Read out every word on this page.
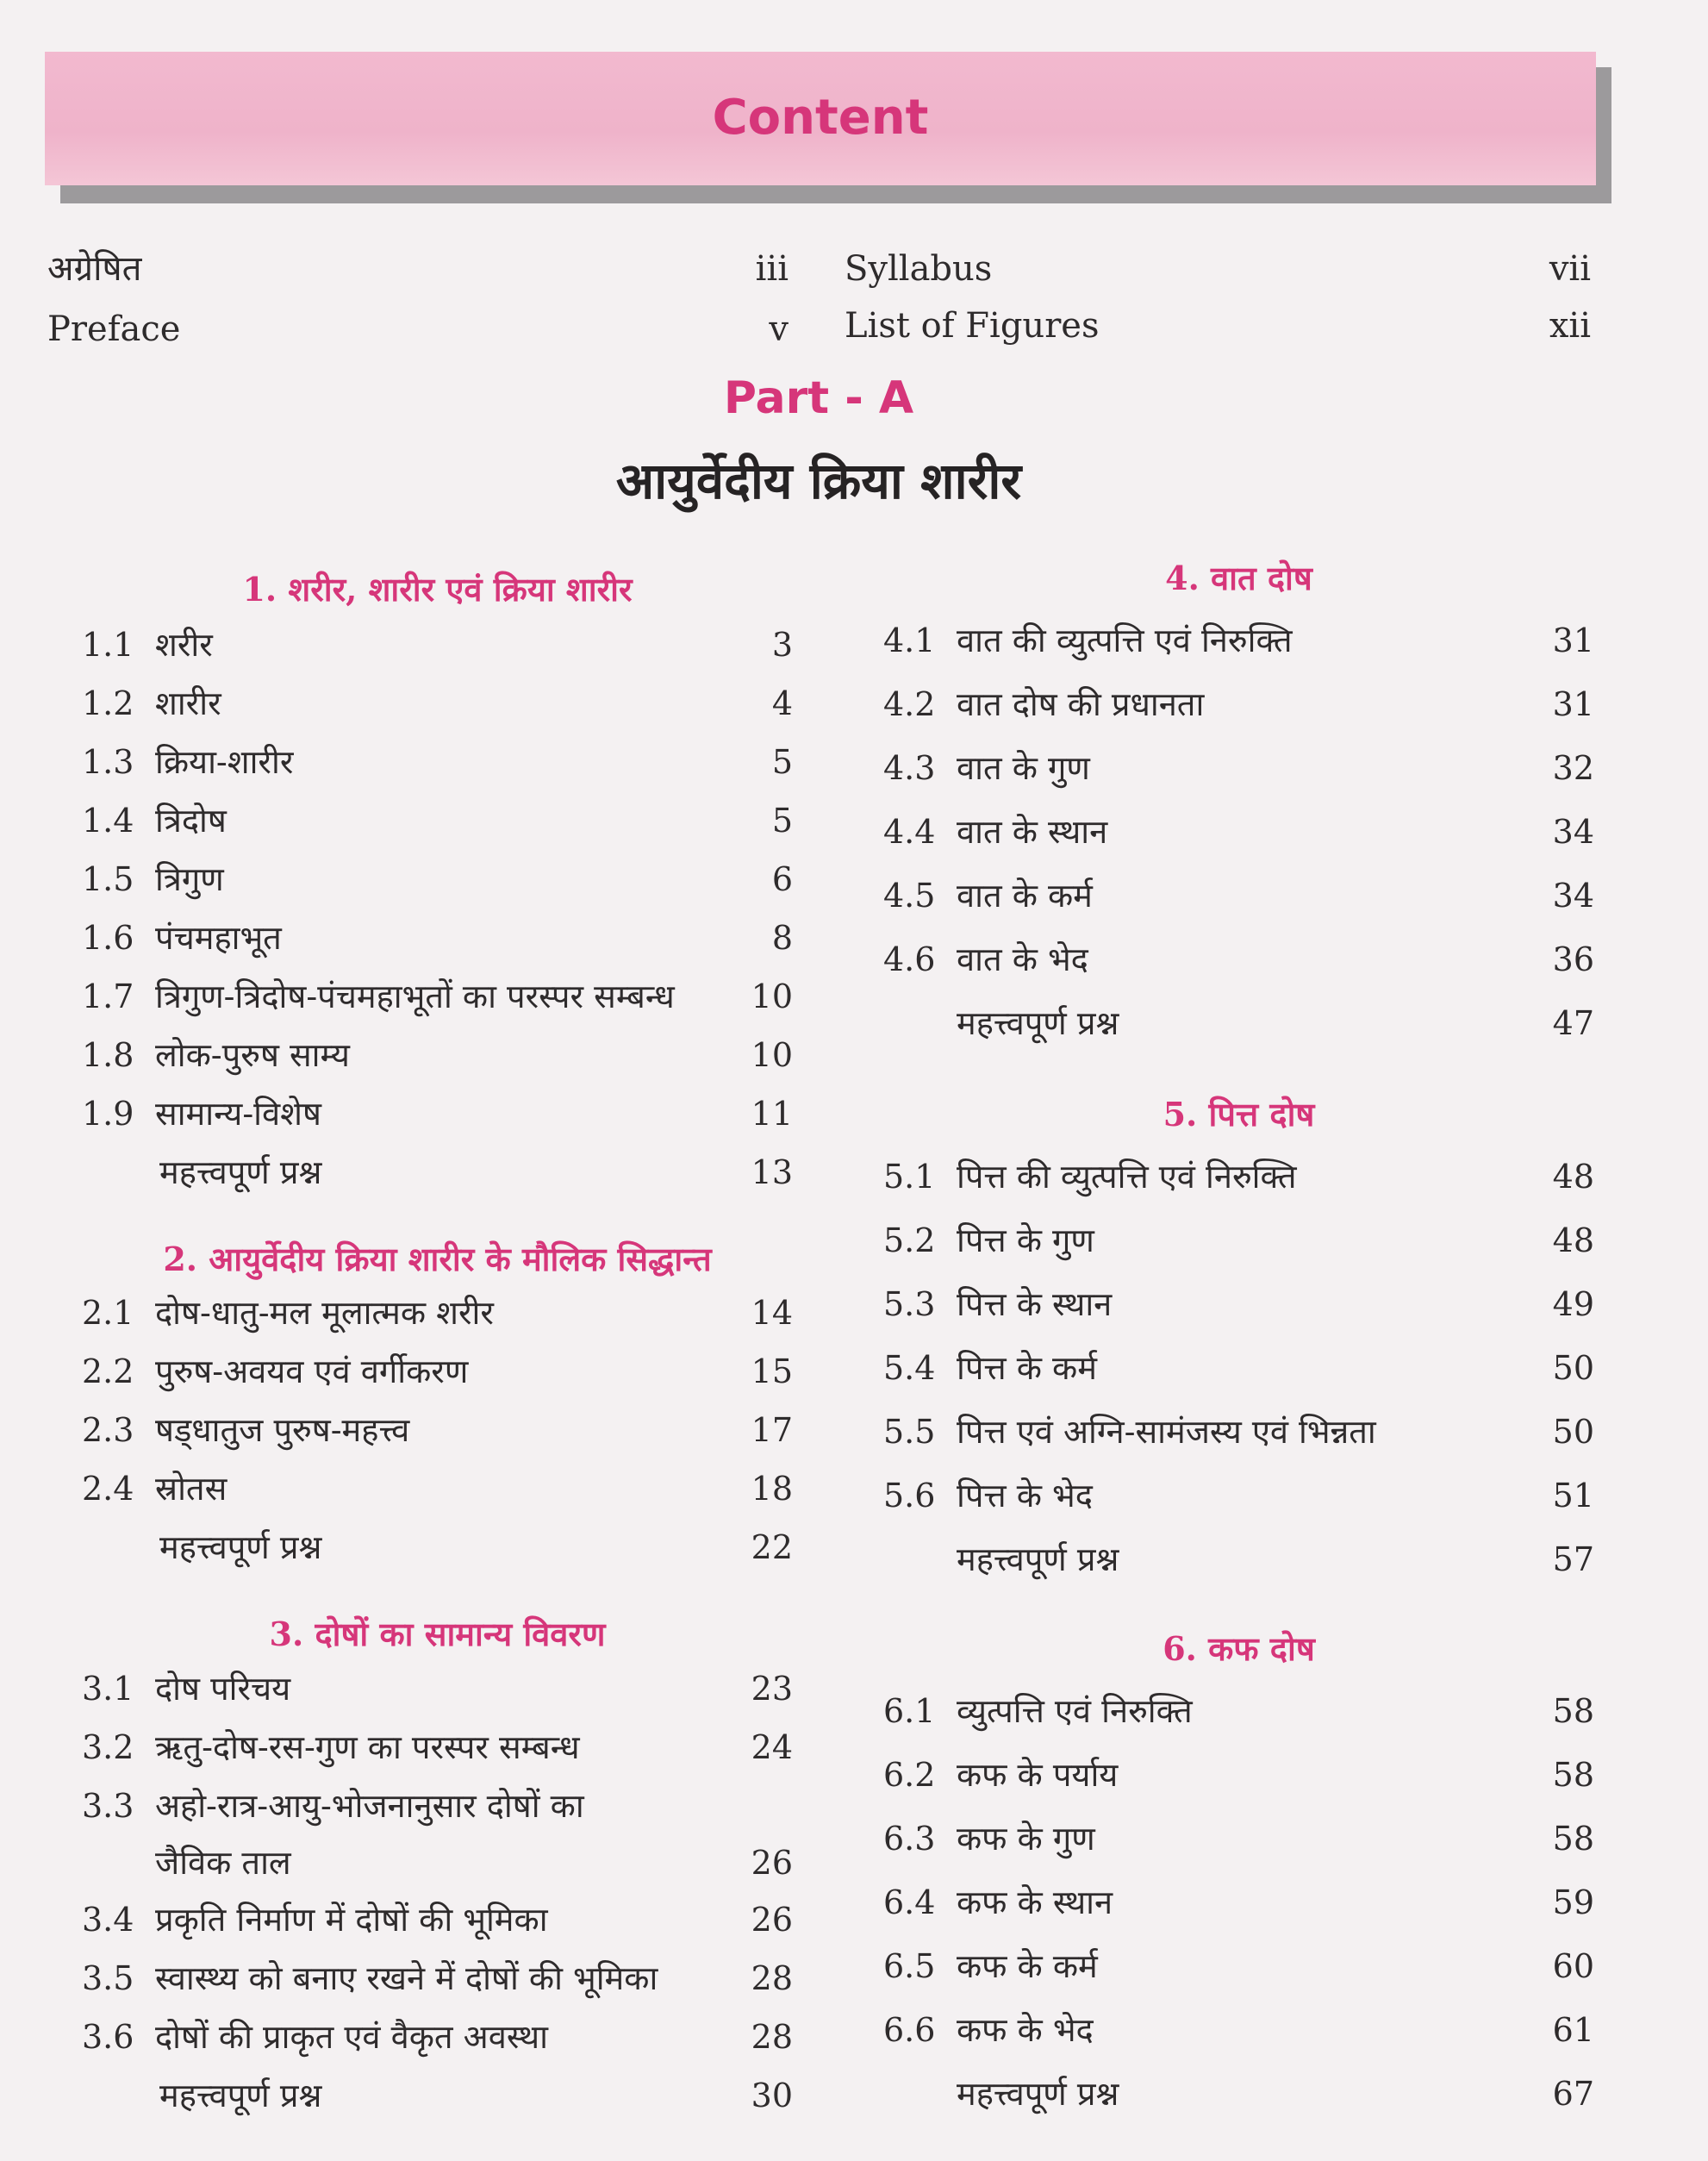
Content
अग्रेषित	iii
Preface	v
Syllabus	vii
List of Figures	xii
Part - A
आयुर्वेदीय क्रिया शारीर
1. शरीर, शारीर एवं क्रिया शारीर
1.1 शरीर	3
1.2 शारीर	4
1.3 क्रिया-शारीर	5
1.4 त्रिदोष	5
1.5 त्रिगुण	6
1.6 पंचमहाभूत	8
1.7 त्रिगुण-त्रिदोष-पंचमहाभूतों का परस्पर सम्बन्ध 10
1.8 लोक-पुरुष साम्य	10
1.9 सामान्य-विशेष	11
महत्त्वपूर्ण प्रश्न	13
2. आयुर्वेदीय क्रिया शारीर के मौलिक सिद्धान्त
2.1 दोष-धातु-मल मूलात्मक शरीर	14
2.2 पुरुष-अवयव एवं वर्गीकरण	15
2.3 षड्धातुज पुरुष-महत्त्व	17
2.4 स्रोतस	18
महत्त्वपूर्ण प्रश्न	22
3. दोषों का सामान्य विवरण
3.1 दोष परिचय	23
3.2 ऋतु-दोष-रस-गुण का परस्पर सम्बन्ध	24
3.3 अहो-रात्र-आयु-भोजनानुसार दोषों का
जैविक ताल	26
3.4 प्रकृति निर्माण में दोषों की भूमिका	26
3.5 स्वास्थ्य को बनाए रखने में दोषों की भूमिका	28
3.6 दोषों की प्राकृत एवं वैकृत अवस्था	28
महत्त्वपूर्ण प्रश्न	30
4. वात दोष
4.1 वात की व्युत्पत्ति एवं निरुक्ति	31
4.2 वात दोष की प्रधानता	31
4.3 वात के गुण	32
4.4 वात के स्थान	34
4.5 वात के कर्म	34
4.6 वात के भेद	36
महत्त्वपूर्ण प्रश्न	47
5. पित्त दोष
5.1 पित्त की व्युत्पत्ति एवं निरुक्ति	48
5.2 पित्त के गुण	48
5.3 पित्त के स्थान	49
5.4 पित्त के कर्म	50
5.5 पित्त एवं अग्नि-सामंजस्य एवं भिन्नता	50
5.6 पित्त के भेद	51
महत्त्वपूर्ण प्रश्न	57
6. कफ दोष
6.1 व्युत्पत्ति एवं निरुक्ति	58
6.2 कफ के पर्याय	58
6.3 कफ के गुण	58
6.4 कफ के स्थान	59
6.5 कफ के कर्म	60
6.6 कफ के भेद	61
महत्त्वपूर्ण प्रश्न	67
